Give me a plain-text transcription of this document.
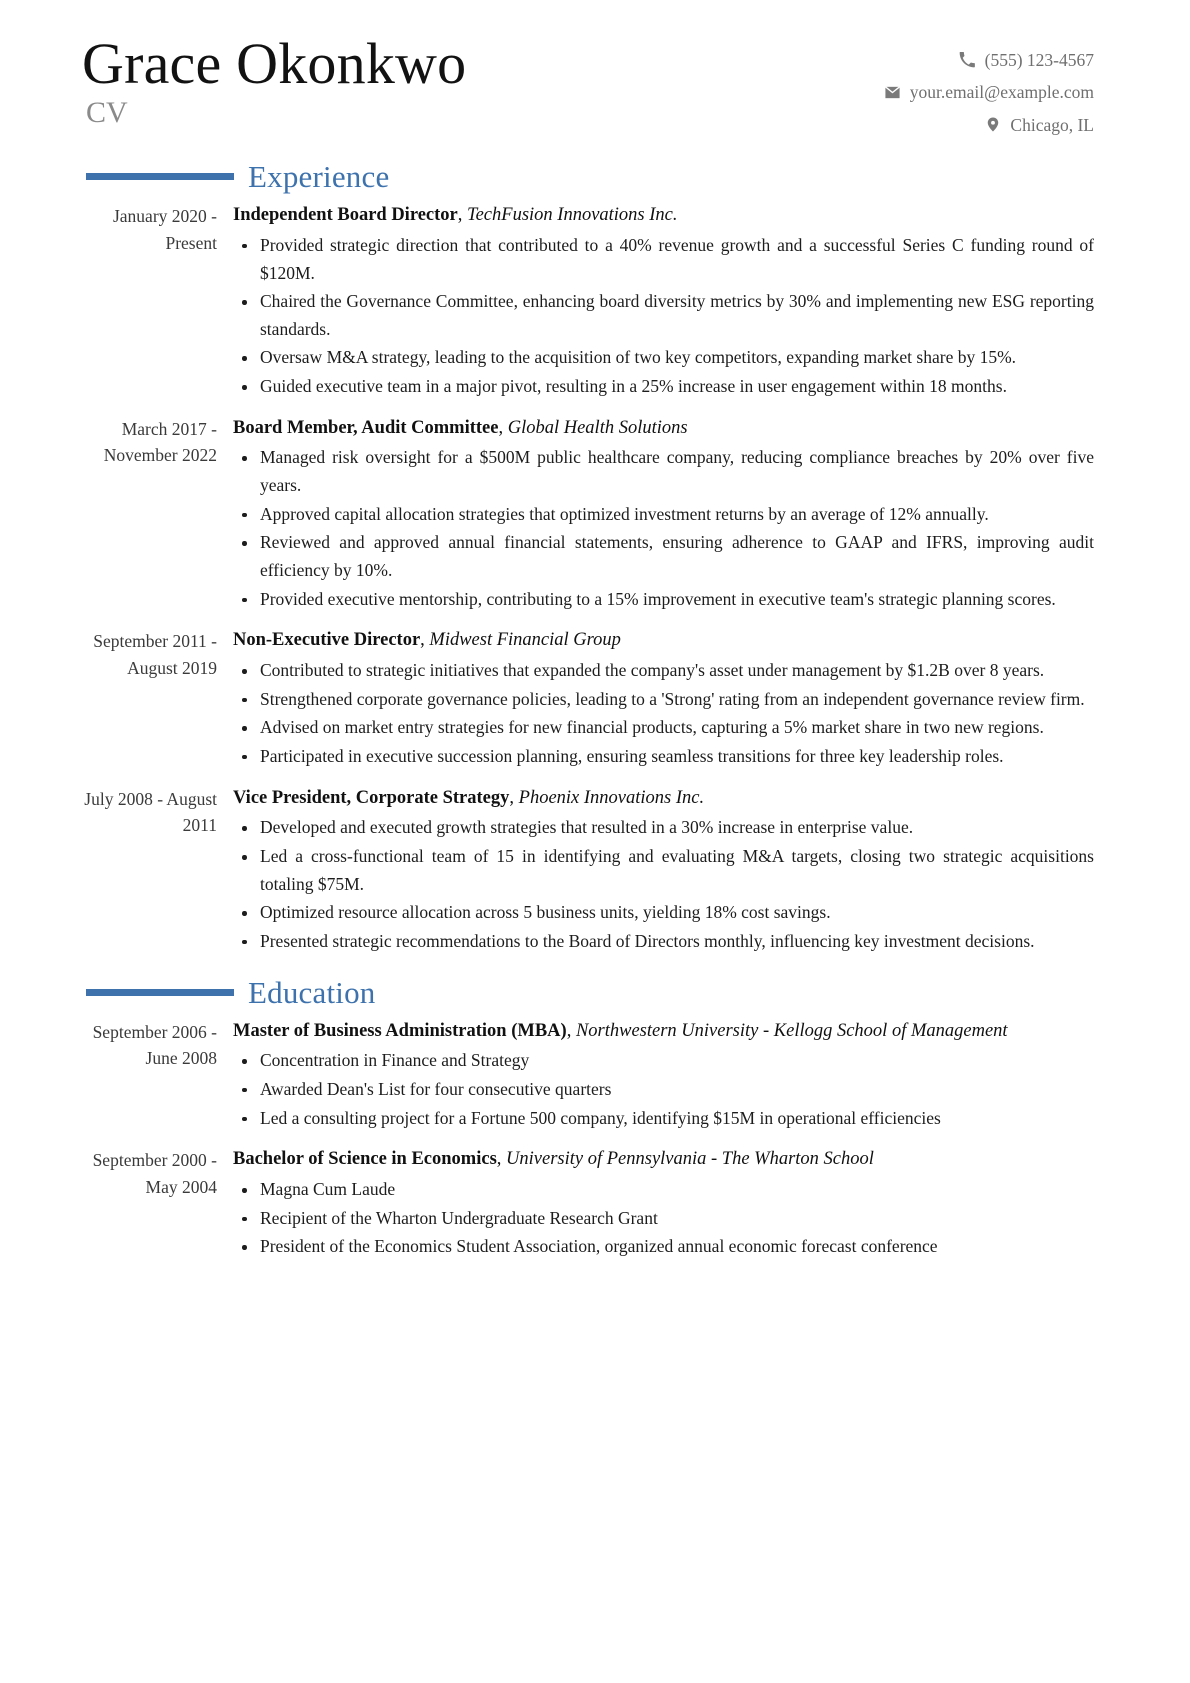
Grace Okonkwo
CV
(555) 123-4567
your.email@example.com
Chicago, IL
Experience
January 2020 - Present
Independent Board Director, TechFusion Innovations Inc.
Provided strategic direction that contributed to a 40% revenue growth and a successful Series C funding round of $120M.
Chaired the Governance Committee, enhancing board diversity metrics by 30% and implementing new ESG reporting standards.
Oversaw M&A strategy, leading to the acquisition of two key competitors, expanding market share by 15%.
Guided executive team in a major pivot, resulting in a 25% increase in user engagement within 18 months.
March 2017 - November 2022
Board Member, Audit Committee, Global Health Solutions
Managed risk oversight for a $500M public healthcare company, reducing compliance breaches by 20% over five years.
Approved capital allocation strategies that optimized investment returns by an average of 12% annually.
Reviewed and approved annual financial statements, ensuring adherence to GAAP and IFRS, improving audit efficiency by 10%.
Provided executive mentorship, contributing to a 15% improvement in executive team's strategic planning scores.
September 2011 - August 2019
Non-Executive Director, Midwest Financial Group
Contributed to strategic initiatives that expanded the company's asset under management by $1.2B over 8 years.
Strengthened corporate governance policies, leading to a 'Strong' rating from an independent governance review firm.
Advised on market entry strategies for new financial products, capturing a 5% market share in two new regions.
Participated in executive succession planning, ensuring seamless transitions for three key leadership roles.
July 2008 - August 2011
Vice President, Corporate Strategy, Phoenix Innovations Inc.
Developed and executed growth strategies that resulted in a 30% increase in enterprise value.
Led a cross-functional team of 15 in identifying and evaluating M&A targets, closing two strategic acquisitions totaling $75M.
Optimized resource allocation across 5 business units, yielding 18% cost savings.
Presented strategic recommendations to the Board of Directors monthly, influencing key investment decisions.
Education
September 2006 - June 2008
Master of Business Administration (MBA), Northwestern University - Kellogg School of Management
Concentration in Finance and Strategy
Awarded Dean's List for four consecutive quarters
Led a consulting project for a Fortune 500 company, identifying $15M in operational efficiencies
September 2000 - May 2004
Bachelor of Science in Economics, University of Pennsylvania - The Wharton School
Magna Cum Laude
Recipient of the Wharton Undergraduate Research Grant
President of the Economics Student Association, organized annual economic forecast conference
